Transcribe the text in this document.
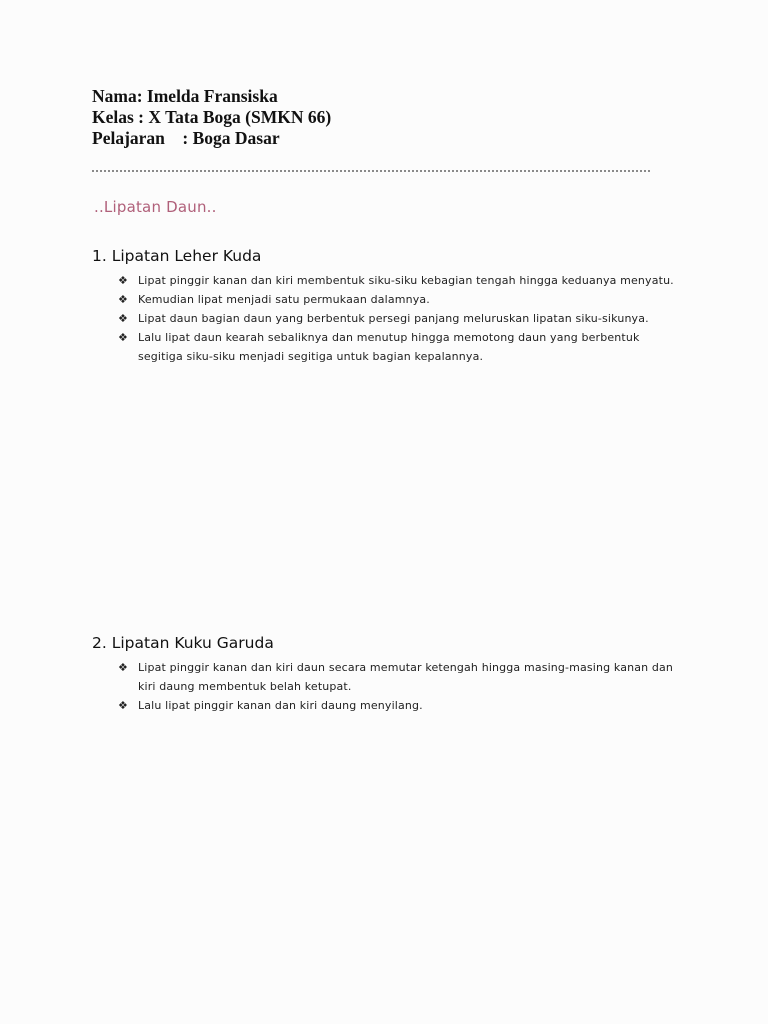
Nama: Imelda Fransiska
Kelas : X Tata Boga (SMKN 66)
Pelajaran    : Boga Dasar
..Lipatan Daun..
1. Lipatan Leher Kuda
❖ Lipat pinggir kanan dan kiri membentuk siku-siku kebagian tengah hingga keduanya menyatu.
❖ Kemudian lipat menjadi satu permukaan dalamnya.
❖ Lipat daun bagian daun yang berbentuk persegi panjang meluruskan lipatan siku-sikunya.
❖ Lalu lipat daun kearah sebaliknya dan menutup hingga memotong daun yang berbentuk segitiga siku-siku menjadi segitiga untuk bagian kepalannya.
2. Lipatan Kuku Garuda
❖ Lipat pinggir kanan dan kiri daun secara memutar ketengah hingga masing-masing kanan dan kiri daung membentuk belah ketupat.
❖ Lalu lipat pinggir kanan dan kiri daung menyilang.
